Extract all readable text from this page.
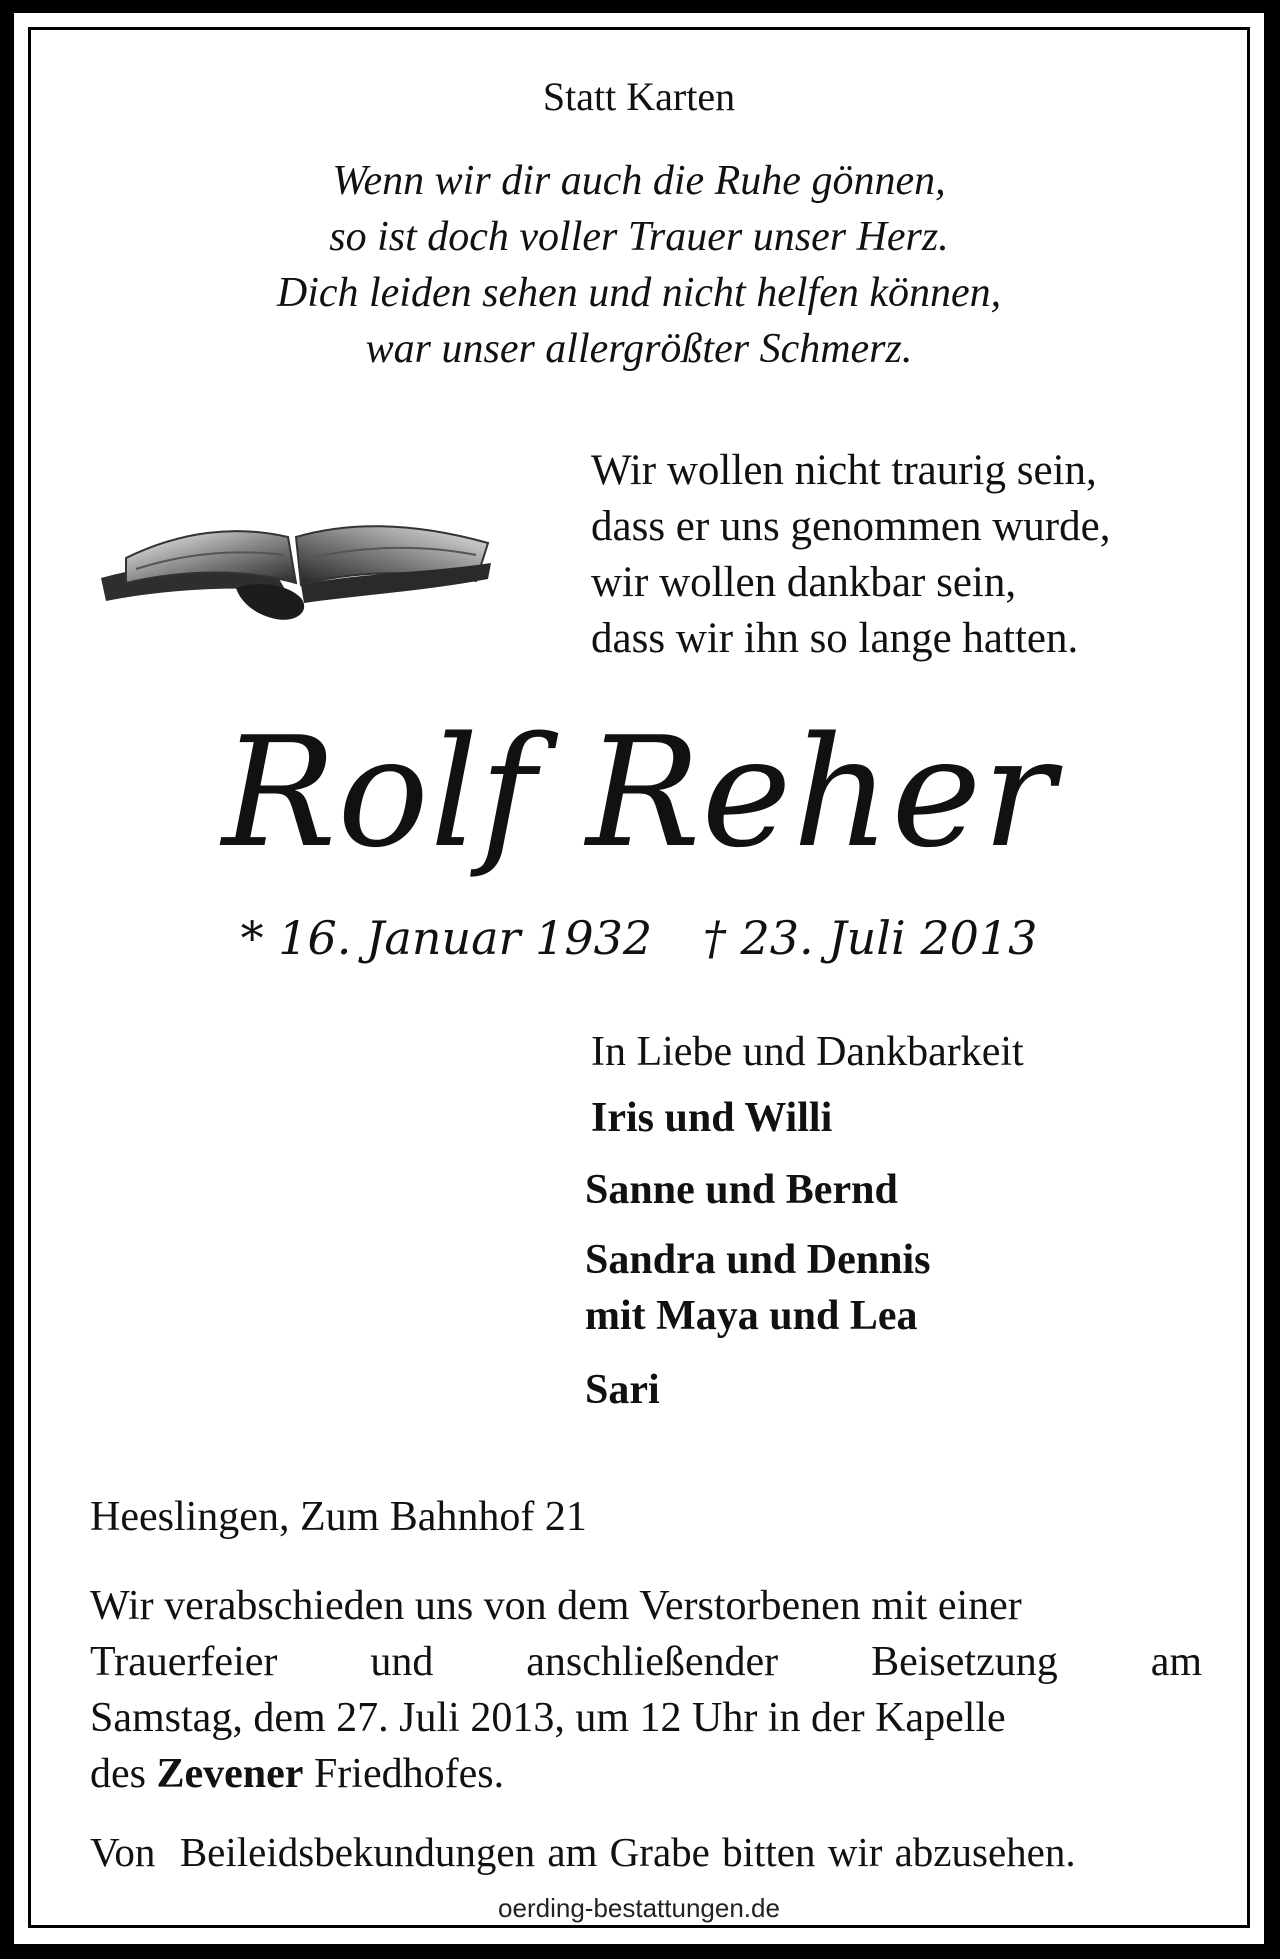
Statt Karten
Wenn wir dir auch die Ruhe gönnen,
so ist doch voller Trauer unser Herz.
Dich leiden sehen und nicht helfen können,
war unser allergrößter Schmerz.
Wir wollen nicht traurig sein,
dass er uns genommen wurde,
wir wollen dankbar sein,
dass wir ihn so lange hatten.
Rolf Reher
* 16. Januar 1932 † 23. Juli 2013
In Liebe und Dankbarkeit
Iris und Willi
Sanne und Bernd
Sandra und Dennis
mit Maya und Lea
Sari
Heeslingen, Zum Bahnhof 21
Wir verabschieden uns von dem Verstorbenen mit einer
Trauerfeier und anschließender Beisetzung am
Samstag, dem 27. Juli 2013, um 12 Uhr in der Kapelle
des Zevener Friedhofes.
Von  Beileidsbekundungen am Grabe bitten wir abzusehen.
oerding-bestattungen.de
